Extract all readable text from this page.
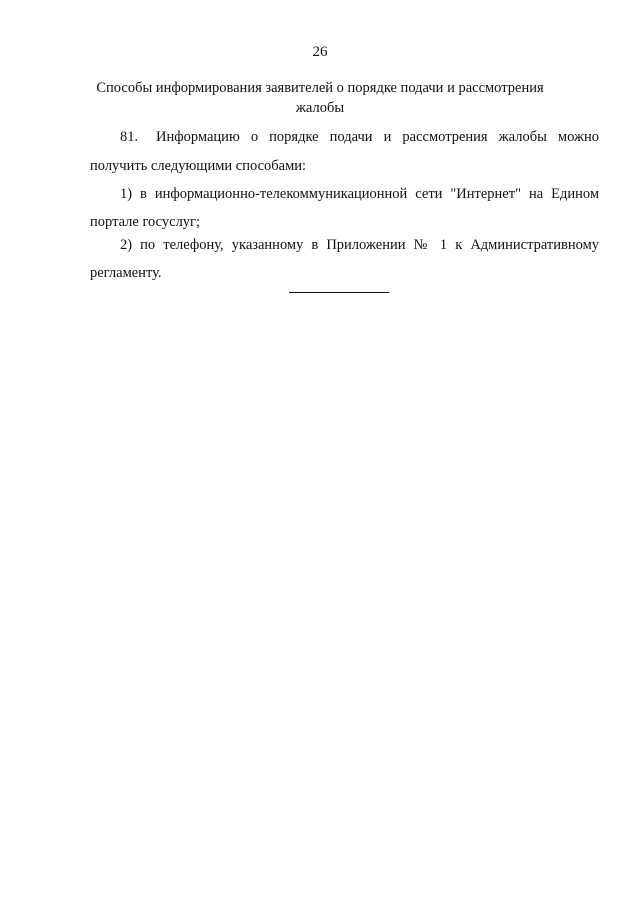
26
Способы информирования заявителей о порядке подачи и рассмотрения жалобы
81. Информацию о порядке подачи и рассмотрения жалобы можно
получить следующими способами:
1) в информационно-телекоммуникационной сети "Интернет" на Едином
портале госуслуг;
2) по телефону, указанному в Приложении № 1 к Административному
регламенту.
